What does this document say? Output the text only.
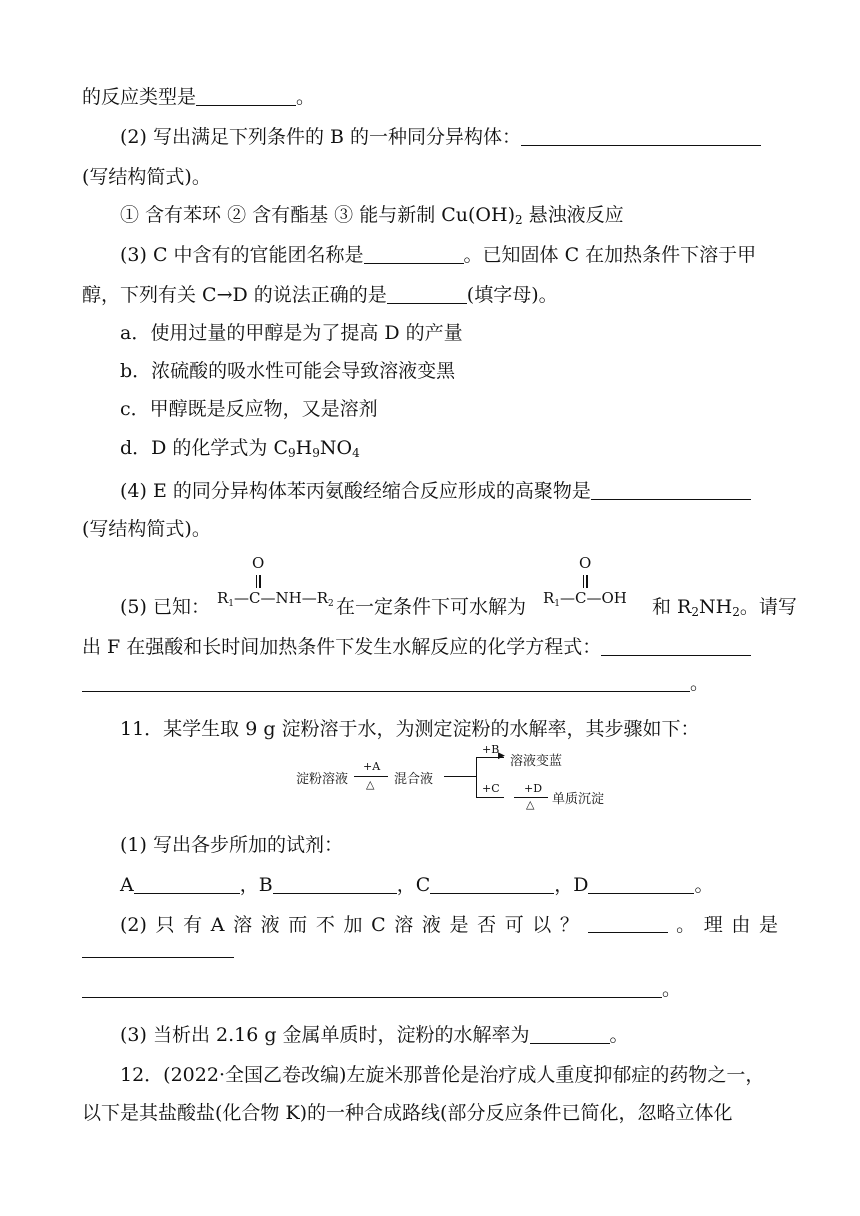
的反应类型是	。
(2) 写出满足下列条件的 B 的一种同分异构体：
(写结构简式)。
① 含有苯环 ② 含有酯基 ③ 能与新制 $Cu(OH)_2$ 悬浊液反应
(3) C 中含有的官能团名称是	。已知固体 C 在加热条件下溶于甲
醇，下列有关 C→D 的说法正确的是	(填字母)。
a．使用过量的甲醇是为了提高 D 的产量
b．浓硫酸的吸水性可能会导致溶液变黑
c．甲醇既是反应物，又是溶剂
d．D 的化学式为 $C_9H_9NO_4$
(4) E 的同分异构体苯丙氨酸经缩合反应形成的高聚物是
(写结构简式)。
O
$R_1—C—NH—R_2$
O
$R_1—C—OH$
(5) 已知：	在一定条件下可水解为	和 $R_2NH_2$。请写
出 F 在强酸和长时间加热条件下发生水解反应的化学方程式：
。
11．某学生取 9 g 淀粉溶于水，为测定淀粉的水解率，其步骤如下：
淀粉溶液
+A
△ 混合液
▶
+B
溶液变蓝
+C +D
△ 单质沉淀
(1) 写出各步所加的试剂：
A	，B	，C	，D	。
(2) 只 有 A 溶 液 而 不 加 C 溶 液 是 否 可 以 ？	。 理 由 是
。
(3) 当析出 2.16 g 金属单质时，淀粉的水解率为	。
12．(2022·全国乙卷改编)左旋米那普伦是治疗成人重度抑郁症的药物之一，
以下是其盐酸盐(化合物 K)的一种合成路线(部分反应条件已简化，忽略立体化
